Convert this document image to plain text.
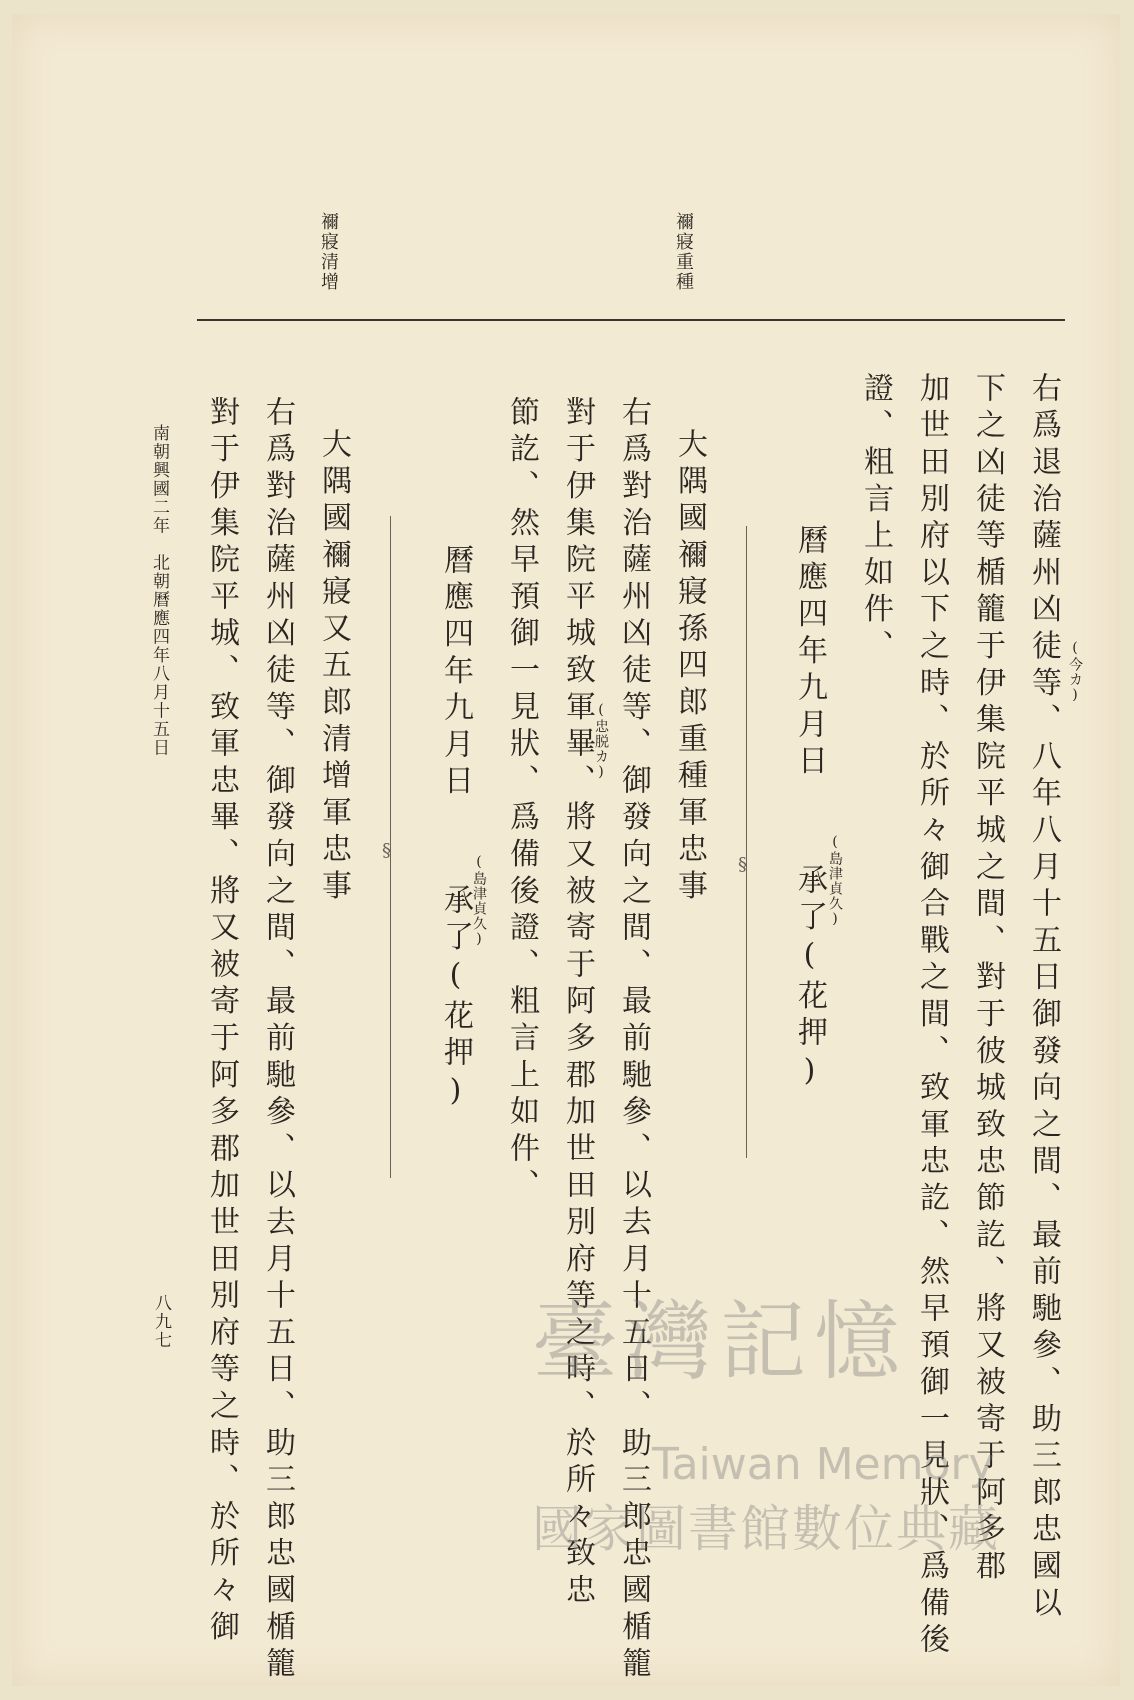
禰寢重種
禰寢清增
右爲退治薩州凶徒等、八年八月十五日御發向之間、最前馳參、助三郎忠國以 (今カ)
下之凶徒等楯籠于伊集院平城之間、對于彼城致忠節訖、將又被寄于阿多郡
加世田別府以下之時、於所々御合戰之間、致軍忠訖、然早預御一見狀、爲備後
證、粗言上如件、
曆應四年九月日
(島津貞久)
承了(花押)
§
大隅國禰寢孫四郎重種軍忠事
右爲對治薩州凶徒等、御發向之間、最前馳參、以去月十五日、助三郎忠國楯籠
對于伊集院平城致軍畢、將又被寄于阿多郡加世田別府等之時、於所々致忠
(忠脱カ)
節訖、然早預御一見狀、爲備後證、粗言上如件、
曆應四年九月日
(島津貞久)
承了(花押)
§
大隅國禰寢又五郎清增軍忠事
右爲對治薩州凶徒等、御發向之間、最前馳參、以去月十五日、助三郎忠國楯籠
對于伊集院平城、致軍忠畢、將又被寄于阿多郡加世田別府等之時、於所々御
南朝興國二年　北朝曆應四年八月十五日
八九七	臺灣記憶
Taiwan Memory
國家圖書館數位典藏
